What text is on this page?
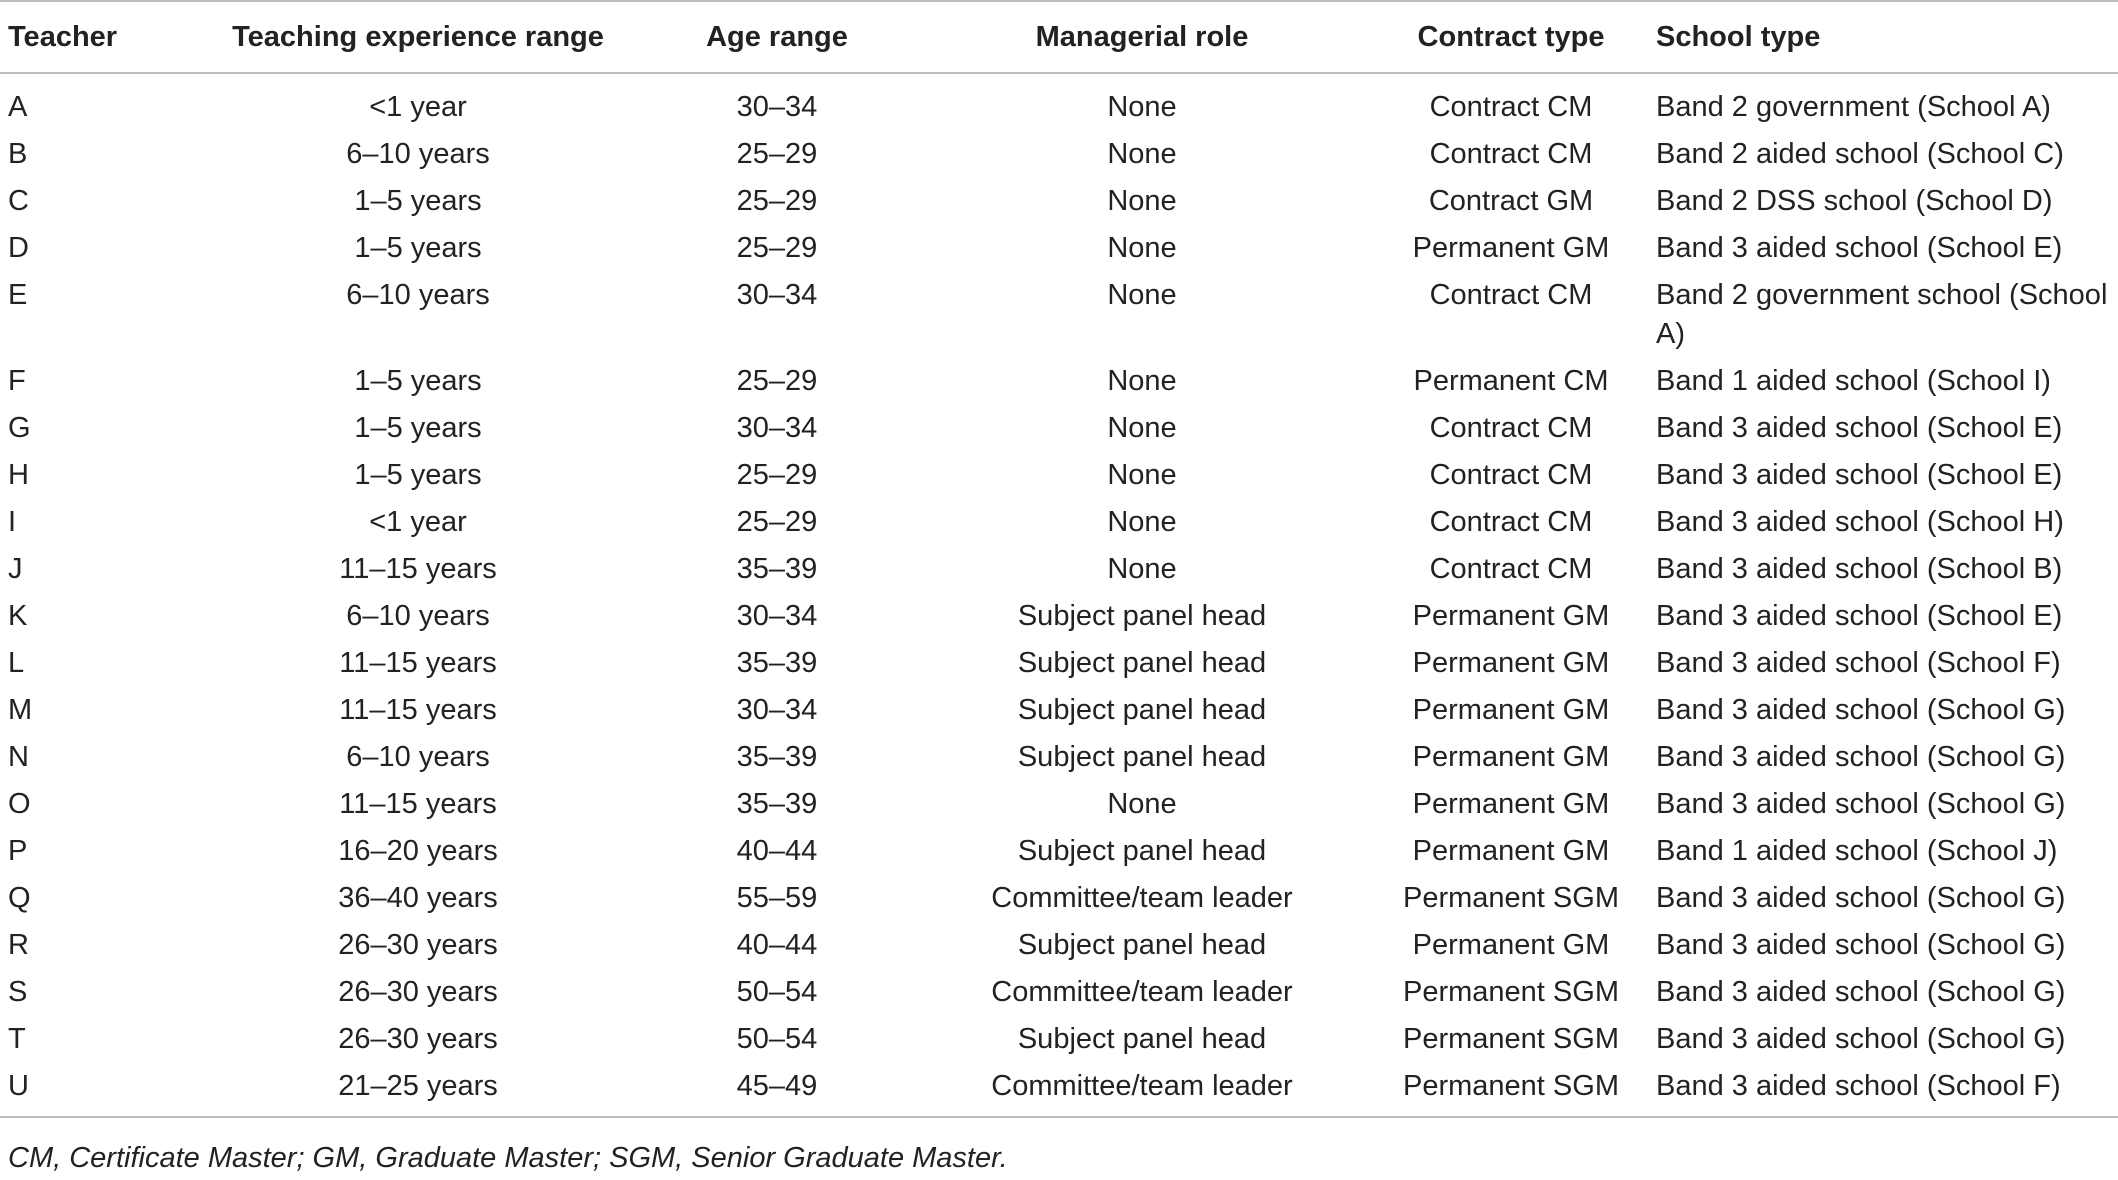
Teacher	Teaching experience range	Age range	Managerial role	Contract type	School type
A	<1 year	30–34	None	Contract CM	Band 2 government (School A)
B	6–10 years	25–29	None	Contract CM	Band 2 aided school (School C)
C	1–5 years	25–29	None	Contract GM	Band 2 DSS school (School D)
D	1–5 years	25–29	None	Permanent GM	Band 3 aided school (School E)
E	6–10 years	30–34	None	Contract CM	Band 2 government school (School A)
F	1–5 years	25–29	None	Permanent CM	Band 1 aided school (School I)
G	1–5 years	30–34	None	Contract CM	Band 3 aided school (School E)
H	1–5 years	25–29	None	Contract CM	Band 3 aided school (School E)
I	<1 year	25–29	None	Contract CM	Band 3 aided school (School H)
J	11–15 years	35–39	None	Contract CM	Band 3 aided school (School B)
K	6–10 years	30–34	Subject panel head	Permanent GM	Band 3 aided school (School E)
L	11–15 years	35–39	Subject panel head	Permanent GM	Band 3 aided school (School F)
M	11–15 years	30–34	Subject panel head	Permanent GM	Band 3 aided school (School G)
N	6–10 years	35–39	Subject panel head	Permanent GM	Band 3 aided school (School G)
O	11–15 years	35–39	None	Permanent GM	Band 3 aided school (School G)
P	16–20 years	40–44	Subject panel head	Permanent GM	Band 1 aided school (School J)
Q	36–40 years	55–59	Committee/team leader	Permanent SGM	Band 3 aided school (School G)
R	26–30 years	40–44	Subject panel head	Permanent GM	Band 3 aided school (School G)
S	26–30 years	50–54	Committee/team leader	Permanent SGM	Band 3 aided school (School G)
T	26–30 years	50–54	Subject panel head	Permanent SGM	Band 3 aided school (School G)
U	21–25 years	45–49	Committee/team leader	Permanent SGM	Band 3 aided school (School F)
CM, Certificate Master; GM, Graduate Master; SGM, Senior Graduate Master.
